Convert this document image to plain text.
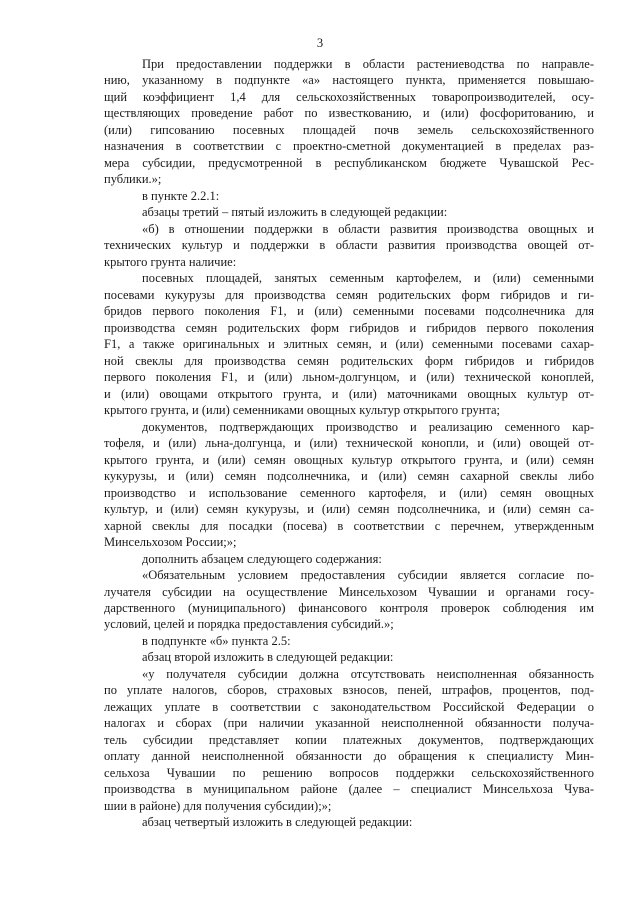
3
При предоставлении поддержки в области растениеводства по направле-
нию, указанному в подпункте «а» настоящего пункта, применяется повышаю-
щий коэффициент 1,4 для сельскохозяйственных товаропроизводителей, осу-
ществляющих проведение работ по известкованию, и (или) фосфоритованию, и
(или) гипсованию посевных площадей почв земель сельскохозяйственного
назначения в соответствии с проектно-сметной документацией в пределах раз-
мера субсидии, предусмотренной в республиканском бюджете Чувашской Рес-
публики.»;
в пункте 2.2.1:
абзацы третий – пятый изложить в следующей редакции:
«б) в отношении поддержки в области развития производства овощных и
технических культур и поддержки в области развития производства овощей от-
крытого грунта наличие:
посевных площадей, занятых семенным картофелем, и (или) семенными
посевами кукурузы для производства семян родительских форм гибридов и ги-
бридов первого поколения F1, и (или) семенными посевами подсолнечника для
производства семян родительских форм гибридов и гибридов первого поколения
F1, а также оригинальных и элитных семян, и (или) семенными посевами сахар-
ной свеклы для производства семян родительских форм гибридов и гибридов
первого поколения F1, и (или) льном-долгунцом, и (или) технической коноплей,
и (или) овощами открытого грунта, и (или) маточниками овощных культур от-
крытого грунта, и (или) семенниками овощных культур открытого грунта;
документов, подтверждающих производство и реализацию семенного кар-
тофеля, и (или) льна-долгунца, и (или) технической конопли, и (или) овощей от-
крытого грунта, и (или) семян овощных культур открытого грунта, и (или) семян
кукурузы, и (или) семян подсолнечника, и (или) семян сахарной свеклы либо
производство и использование семенного картофеля, и (или) семян овощных
культур, и (или) семян кукурузы, и (или) семян подсолнечника, и (или) семян са-
харной свеклы для посадки (посева) в соответствии с перечнем, утвержденным
Минсельхозом России;»;
дополнить абзацем следующего содержания:
«Обязательным условием предоставления субсидии является согласие по-
лучателя субсидии на осуществление Минсельхозом Чувашии и органами госу-
дарственного (муниципального) финансового контроля проверок соблюдения им
условий, целей и порядка предоставления субсидий.»;
в подпункте «б» пункта 2.5:
абзац второй изложить в следующей редакции:
«у получателя субсидии должна отсутствовать неисполненная обязанность
по уплате налогов, сборов, страховых взносов, пеней, штрафов, процентов, под-
лежащих уплате в соответствии с законодательством Российской Федерации о
налогах и сборах (при наличии указанной неисполненной обязанности получа-
тель субсидии представляет копии платежных документов, подтверждающих
оплату данной неисполненной обязанности до обращения к специалисту Мин-
сельхоза Чувашии по решению вопросов поддержки сельскохозяйственного
производства в муниципальном районе (далее – специалист Минсельхоза Чува-
шии в районе) для получения субсидии);»;
абзац четвертый изложить в следующей редакции:
